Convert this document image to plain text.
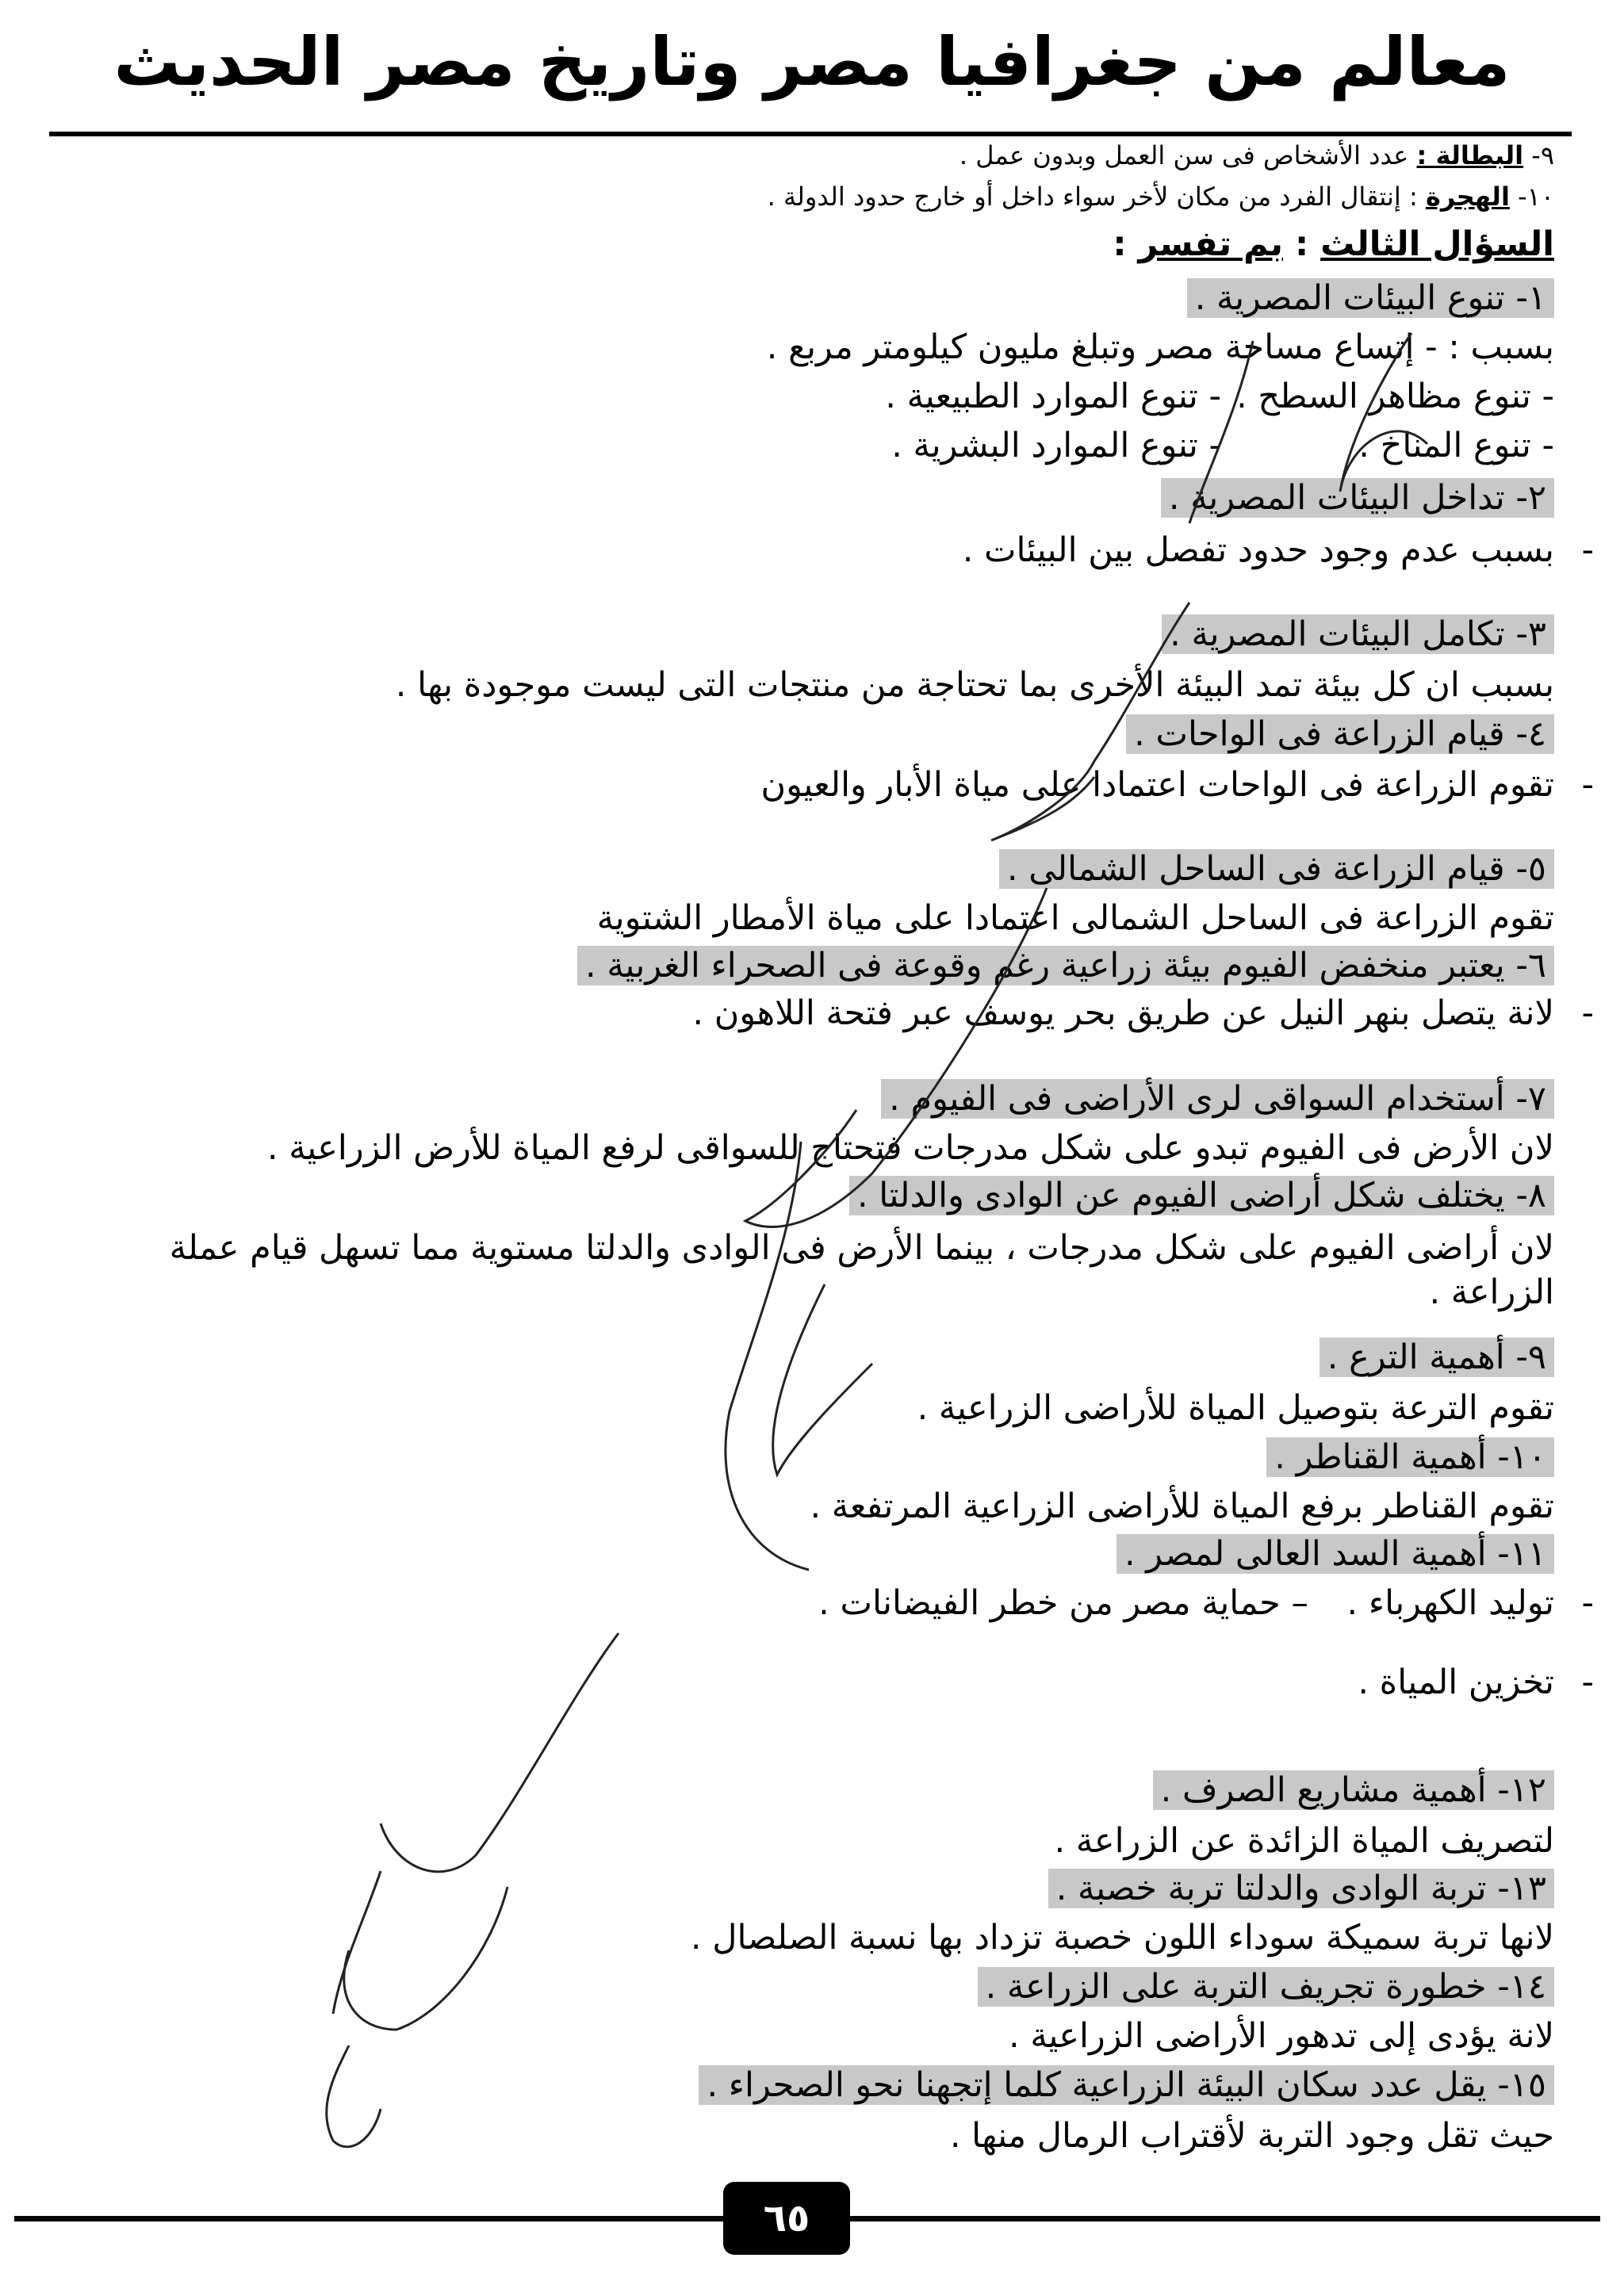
معالم من جغرافيا مصر وتاريخ مصر الحديث
٩- البطالة : عدد الأشخاص فى سن العمل وبدون عمل .
١٠- الهجرة : إنتقال الفرد من مكان لأخر سواء داخل أو خارج حدود الدولة .
السؤال الثالث : بم تفسر :
١- تنوع البيئات المصرية .
بسبب : - إتساع مساحة مصر وتبلغ مليون كيلومتر مربع .
- تنوع مظاهر السطح .
- تنوع الموارد الطبيعية .
- تنوع المناخ .
- تنوع الموارد البشرية .
٢- تداخل البيئات المصرية .
-
بسبب عدم وجود حدود تفصل بين البيئات .
٣- تكامل البيئات المصرية .
بسبب ان كل بيئة تمد البيئة الأخرى بما تحتاجة من منتجات التى ليست موجودة بها .
٤- قيام الزراعة فى الواحات .
-
تقوم الزراعة فى الواحات اعتمادا على مياة الأبار والعيون
٥- قيام الزراعة فى الساحل الشمالى .
تقوم الزراعة فى الساحل الشمالى اعتمادا على مياة الأمطار الشتوية
٦- يعتبر منخفض الفيوم بيئة زراعية رغم وقوعة فى الصحراء الغربية .
-
لانة يتصل بنهر النيل عن طريق بحر يوسف عبر فتحة اللاهون .
٧- أستخدام السواقى لرى الأراضى فى الفيوم .
لان الأرض فى الفيوم تبدو على شكل مدرجات فتحتاج للسواقى لرفع المياة للأرض الزراعية .
٨- يختلف شكل أراضى الفيوم عن الوادى والدلتا .
لان أراضى الفيوم على شكل مدرجات ، بينما الأرض فى الوادى والدلتا مستوية مما تسهل قيام عملة الزراعة .
٩- أهمية الترع .
تقوم الترعة بتوصيل المياة للأراضى الزراعية .
١٠- أهمية القناطر .
تقوم القناطر برفع المياة للأراضى الزراعية المرتفعة .
١١- أهمية السد العالى لمصر .
-
توليد الكهرباء .
– حماية مصر من خطر الفيضانات .
-
تخزين المياة .
١٢- أهمية مشاريع الصرف .
لتصريف المياة الزائدة عن الزراعة .
١٣- تربة الوادى والدلتا تربة خصبة .
لانها تربة سميكة سوداء اللون خصبة تزداد بها نسبة الصلصال .
١٤- خطورة تجريف التربة على الزراعة .
لانة يؤدى إلى تدهور الأراضى الزراعية .
١٥- يقل عدد سكان البيئة الزراعية كلما إتجهنا نحو الصحراء .
حيث تقل وجود التربة لأقتراب الرمال منها .
٦٥
